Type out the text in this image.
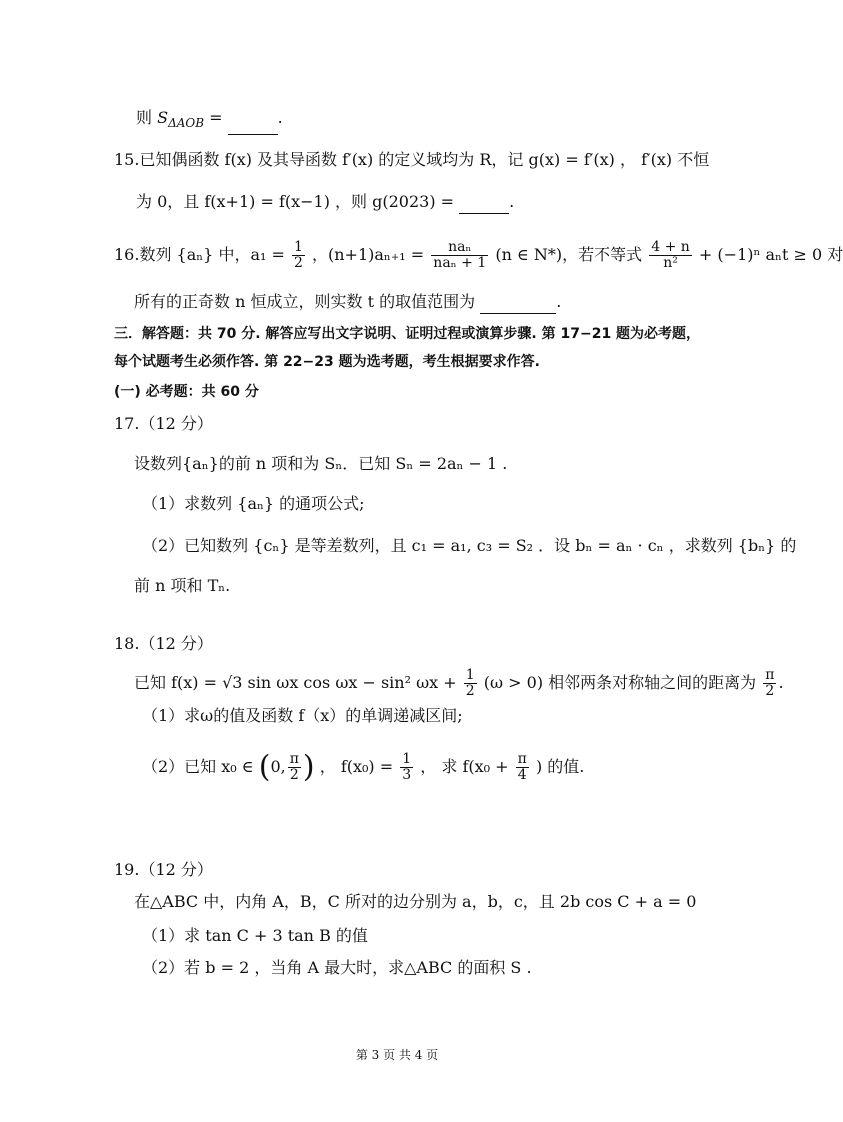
则 $S_{\Delta AOB}$ =	.
15.已知偶函数 f(x) 及其导函数 f′(x) 的定义域均为 R，记 g(x) = f′(x) ， f′(x) 不恒
为 0，且 f(x+1) = f(x−1) ，则 g(2023) =	.
16.数列 {aₙ} 中，$a_1 = \frac{1}{2}$ ，$(n+1)a_{n+1} = \frac{\text{naₙ}}{\text{naₙ + 1}} (n$ ∈ N*)，若不等式 $\frac{4 + n}{\text{n²}} + (-1)^n$ aₙt ≥ 0 对
所有的正奇数 n 恒成立，则实数 t 的取值范围为	.
三．解答题：共 70 分. 解答应写出文字说明、证明过程或演算步骤. 第 17−21 题为必考题，
每个试题考生必须作答. 第 22−23 题为选考题，考生根据要求作答.
(一) 必考题：共 60 分
17.（12 分）
设数列{aₙ}的前 n 项和为 Sₙ．已知 Sₙ = 2aₙ − 1 .
（1）求数列 {aₙ} 的通项公式;
（2）已知数列 {cₙ} 是等差数列，且 c₁ = a₁, c₃ = S₂ ．设 bₙ = aₙ · cₙ ，求数列 {bₙ} 的
前 n 项和 Tₙ.
18.（12 分）
已知 f(x) = √3 sin ωx cos ωx − sin² $\omega x + \frac{1}{2} (\omega > 0)$ 相邻两条对称轴之间的距离为 $\frac{\pi}{2}$ .
（1）求ω的值及函数 f（x）的单调递减区间;
（2）已知 x₀ ∈ (0, $\frac{\pi}{2}$ ) ， $f(x_0) = \frac{1}{3}$ ， 求 $f(x_0 + \frac{\pi}{4}$ ) 的值.
19.（12 分）
在△ABC 中，内角 A，B，C 所对的边分别为 a，b，c，且 2b cos C + a = 0
（1）求 tan C + 3 tan B 的值
（2）若 b = 2 ，当角 A 最大时，求△ABC 的面积 S .
第 3 页 共 4 页
